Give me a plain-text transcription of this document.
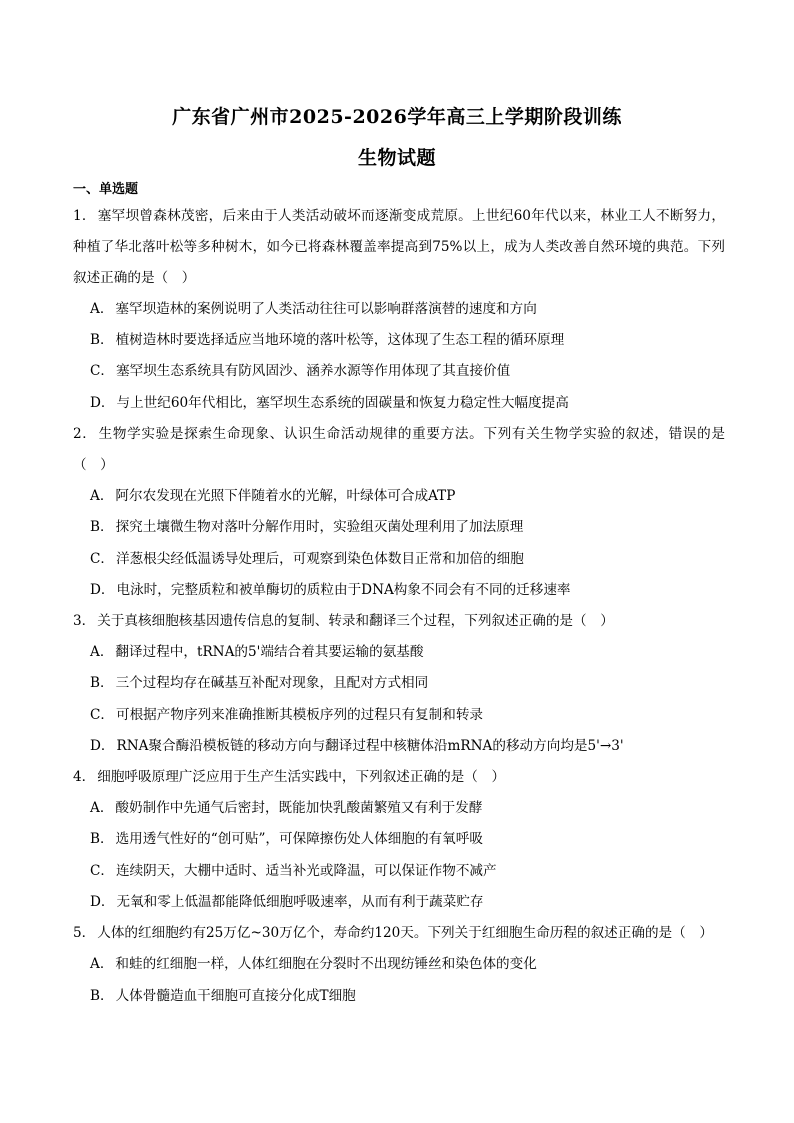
广东省广州市2025-2026学年高三上学期阶段训练
生物试题
一、单选题
1． 塞罕坝曾森林茂密，后来由于人类活动破坏而逐渐变成荒原。上世纪60年代以来，林业工人不断努力，种植了华北落叶松等多种树木，如今已将森林覆盖率提高到75%以上，成为人类改善自然环境的典范。下列叙述正确的是（　）
A． 塞罕坝造林的案例说明了人类活动往往可以影响群落演替的速度和方向
B． 植树造林时要选择适应当地环境的落叶松等，这体现了生态工程的循环原理
C． 塞罕坝生态系统具有防风固沙、涵养水源等作用体现了其直接价值
D． 与上世纪60年代相比，塞罕坝生态系统的固碳量和恢复力稳定性大幅度提高
2． 生物学实验是探索生命现象、认识生命活动规律的重要方法。下列有关生物学实验的叙述，错误的是（　）
A． 阿尔农发现在光照下伴随着水的光解，叶绿体可合成ATP
B． 探究土壤微生物对落叶分解作用时，实验组灭菌处理利用了加法原理
C． 洋葱根尖经低温诱导处理后，可观察到染色体数目正常和加倍的细胞
D． 电泳时，完整质粒和被单酶切的质粒由于DNA构象不同会有不同的迁移速率
3． 关于真核细胞核基因遗传信息的复制、转录和翻译三个过程，下列叙述正确的是（　）
A． 翻译过程中，tRNA的5'端结合着其要运输的氨基酸
B． 三个过程均存在碱基互补配对现象，且配对方式相同
C． 可根据产物序列来准确推断其模板序列的过程只有复制和转录
D． RNA聚合酶沿模板链的移动方向与翻译过程中核糖体沿mRNA的移动方向均是5'→3'
4． 细胞呼吸原理广泛应用于生产生活实践中，下列叙述正确的是（　）
A． 酸奶制作中先通气后密封，既能加快乳酸菌繁殖又有利于发酵
B． 选用透气性好的“创可贴”，可保障擦伤处人体细胞的有氧呼吸
C． 连续阴天，大棚中适时、适当补光或降温，可以保证作物不减产
D． 无氧和零上低温都能降低细胞呼吸速率，从而有利于蔬菜贮存
5． 人体的红细胞约有25万亿~30万亿个，寿命约120天。下列关于红细胞生命历程的叙述正确的是（　）
A． 和蛙的红细胞一样，人体红细胞在分裂时不出现纺锤丝和染色体的变化
B． 人体骨髓造血干细胞可直接分化成T细胞
